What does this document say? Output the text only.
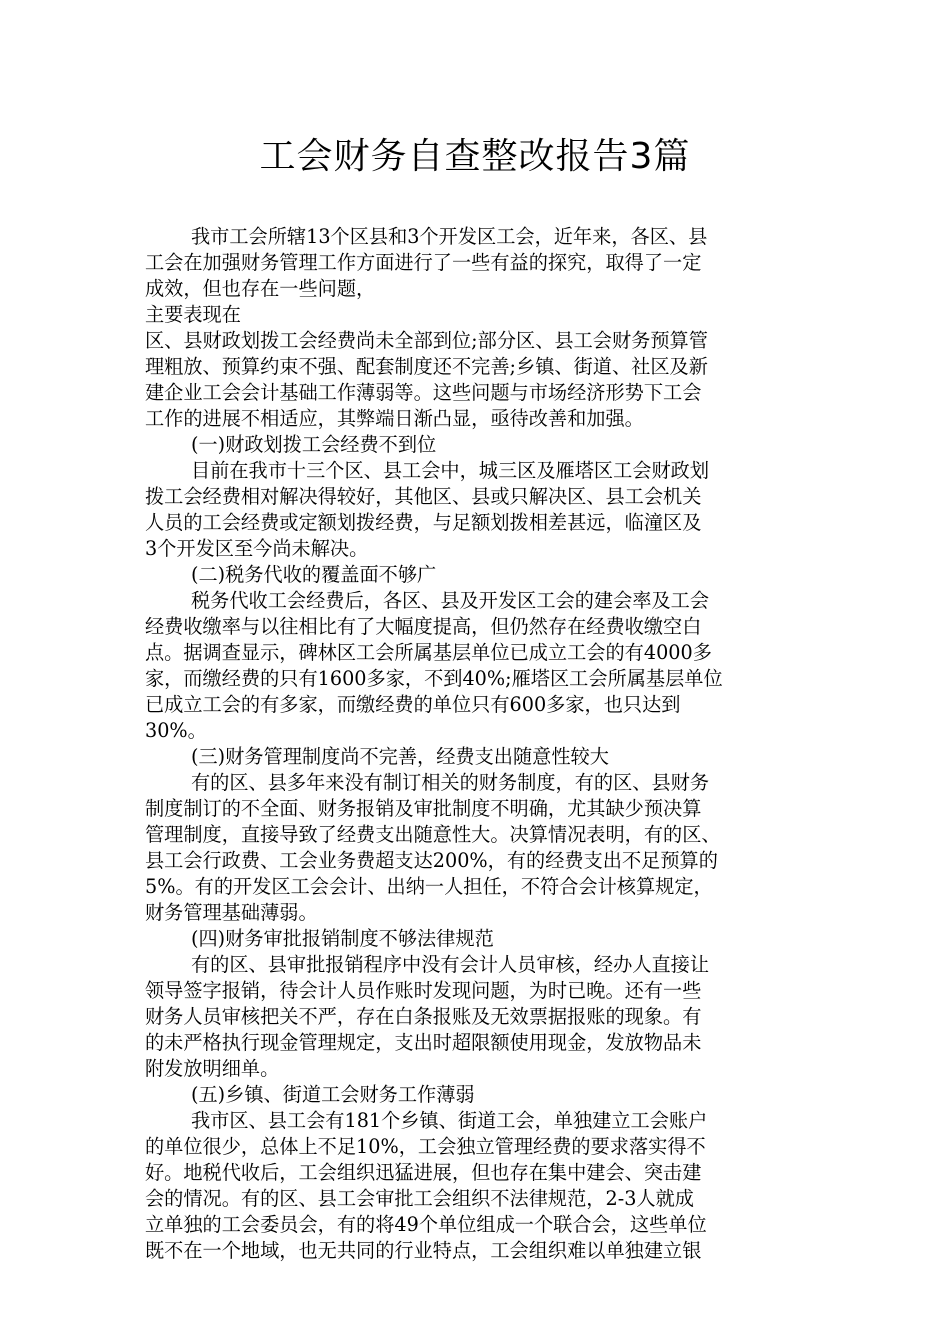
工会财务自查整改报告3篇
我市工会所辖13个区县和3个开发区工会，近年来，各区、县
工会在加强财务管理工作方面进行了一些有益的探究，取得了一定
成效，但也存在一些问题，
主要表现在
区、县财政划拨工会经费尚未全部到位;部分区、县工会财务预算管
理粗放、预算约束不强、配套制度还不完善;乡镇、街道、社区及新
建企业工会会计基础工作薄弱等。这些问题与市场经济形势下工会
工作的进展不相适应，其弊端日渐凸显，亟待改善和加强。
(一)财政划拨工会经费不到位
目前在我市十三个区、县工会中，城三区及雁塔区工会财政划
拨工会经费相对解决得较好，其他区、县或只解决区、县工会机关
人员的工会经费或定额划拨经费，与足额划拨相差甚远，临潼区及
3个开发区至今尚未解决。
(二)税务代收的覆盖面不够广
税务代收工会经费后，各区、县及开发区工会的建会率及工会
经费收缴率与以往相比有了大幅度提高，但仍然存在经费收缴空白
点。据调查显示，碑林区工会所属基层单位已成立工会的有4000多
家，而缴经费的只有1600多家，不到40%;雁塔区工会所属基层单位
已成立工会的有多家，而缴经费的单位只有600多家，也只达到
30%。
(三)财务管理制度尚不完善，经费支出随意性较大
有的区、县多年来没有制订相关的财务制度，有的区、县财务
制度制订的不全面、财务报销及审批制度不明确，尤其缺少预决算
管理制度，直接导致了经费支出随意性大。决算情况表明，有的区、
县工会行政费、工会业务费超支达200%，有的经费支出不足预算的
5%。有的开发区工会会计、出纳一人担任，不符合会计核算规定，
财务管理基础薄弱。
(四)财务审批报销制度不够法律规范
有的区、县审批报销程序中没有会计人员审核，经办人直接让
领导签字报销，待会计人员作账时发现问题，为时已晚。还有一些
财务人员审核把关不严，存在白条报账及无效票据报账的现象。有
的未严格执行现金管理规定，支出时超限额使用现金，发放物品未
附发放明细单。
(五)乡镇、街道工会财务工作薄弱
我市区、县工会有181个乡镇、街道工会，单独建立工会账户
的单位很少，总体上不足10%，工会独立管理经费的要求落实得不
好。地税代收后，工会组织迅猛进展，但也存在集中建会、突击建
会的情况。有的区、县工会审批工会组织不法律规范，2-3人就成
立单独的工会委员会，有的将49个单位组成一个联合会，这些单位
既不在一个地域，也无共同的行业特点，工会组织难以单独建立银
